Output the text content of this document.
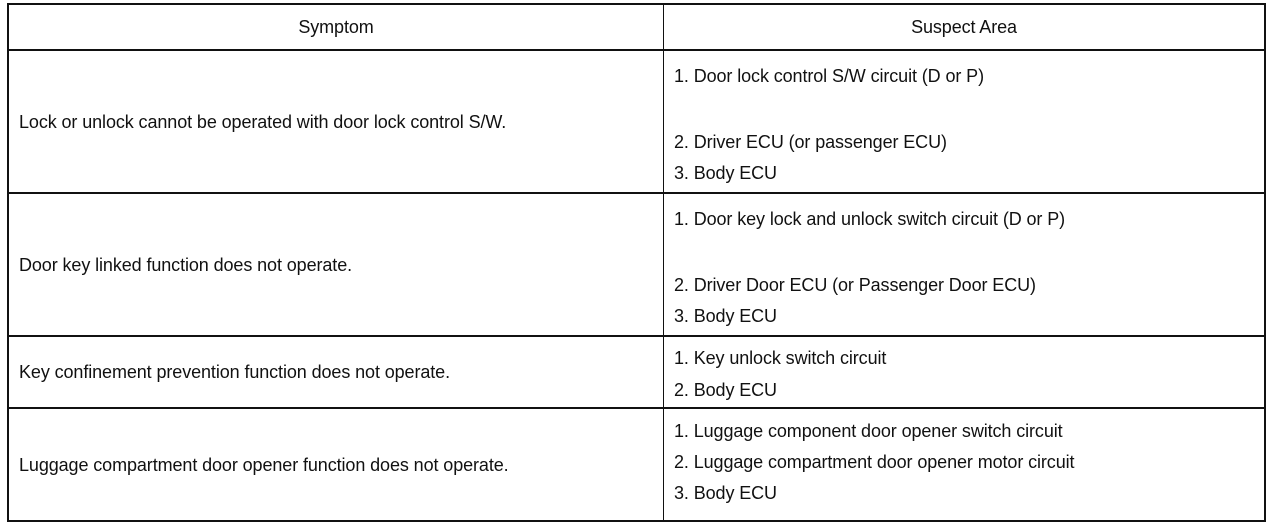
Symptom	Suspect Area
Lock or unlock cannot be operated with door lock control S/W.
1. Door lock control S/W circuit (D or P)
2. Driver ECU (or passenger ECU)
3. Body ECU
Door key linked function does not operate.
1. Door key lock and unlock switch circuit (D or P)
2. Driver Door ECU (or Passenger Door ECU)
3. Body ECU
Key confinement prevention function does not operate.
1. Key unlock switch circuit
2. Body ECU
Luggage compartment door opener function does not operate.
1. Luggage component door opener switch circuit
2. Luggage compartment door opener motor circuit
3. Body ECU
